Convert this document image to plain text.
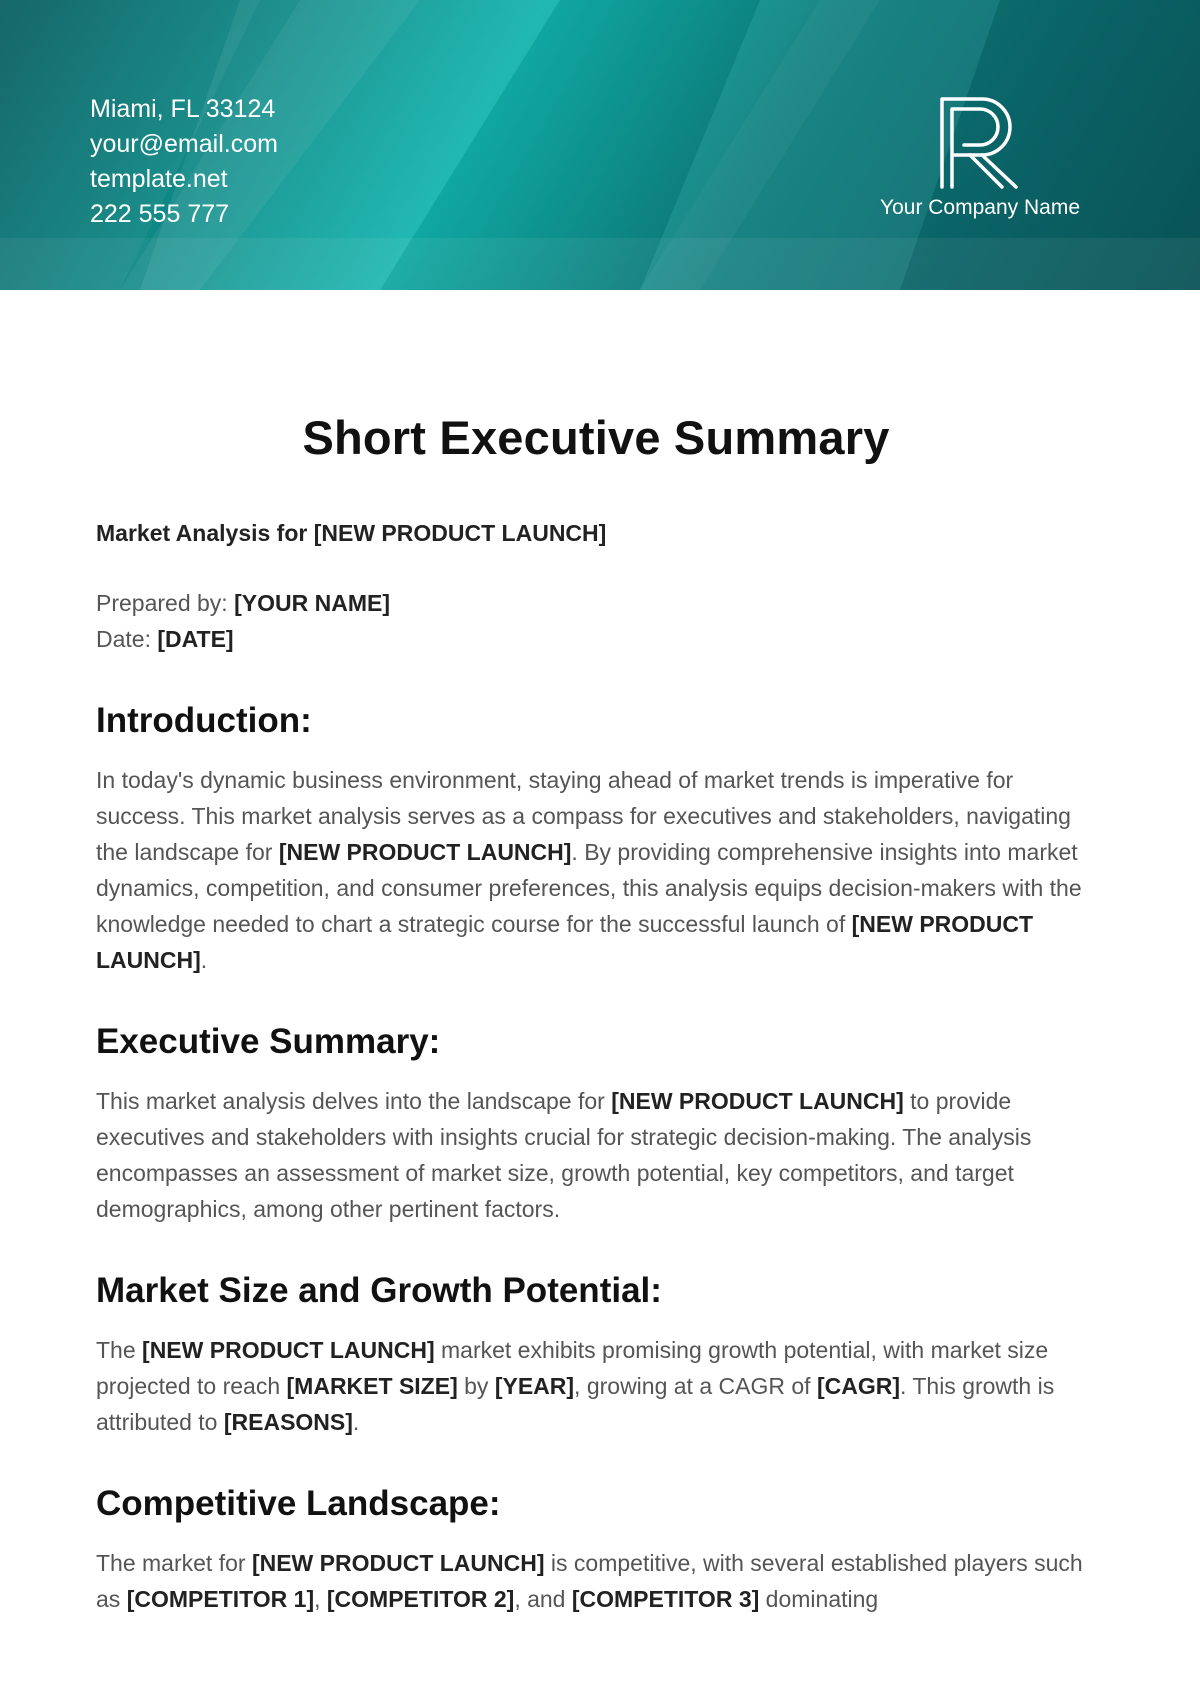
Miami, FL 33124
your@email.com
template.net
222 555 777	Your Company Name
Short Executive Summary
Market Analysis for [NEW PRODUCT LAUNCH]
Prepared by: [YOUR NAME]
Date: [DATE]
Introduction:

In today's dynamic business environment, staying ahead of market trends is imperative for success. This market analysis serves as a compass for executives and stakeholders, navigating the landscape for [NEW PRODUCT LAUNCH]. By providing comprehensive insights into market dynamics, competition, and consumer preferences, this analysis equips decision-makers with the knowledge needed to chart a strategic course for the successful launch of [NEW PRODUCT LAUNCH].

Executive Summary:

This market analysis delves into the landscape for [NEW PRODUCT LAUNCH] to provide executives and stakeholders with insights crucial for strategic decision-making. The analysis encompasses an assessment of market size, growth potential, key competitors, and target demographics, among other pertinent factors.

Market Size and Growth Potential:

The [NEW PRODUCT LAUNCH] market exhibits promising growth potential, with market size projected to reach [MARKET SIZE] by [YEAR], growing at a CAGR of [CAGR]. This growth is attributed to [REASONS].

Competitive Landscape:

The market for [NEW PRODUCT LAUNCH] is competitive, with several established players such as [COMPETITOR 1], [COMPETITOR 2], and [COMPETITOR 3] dominating
